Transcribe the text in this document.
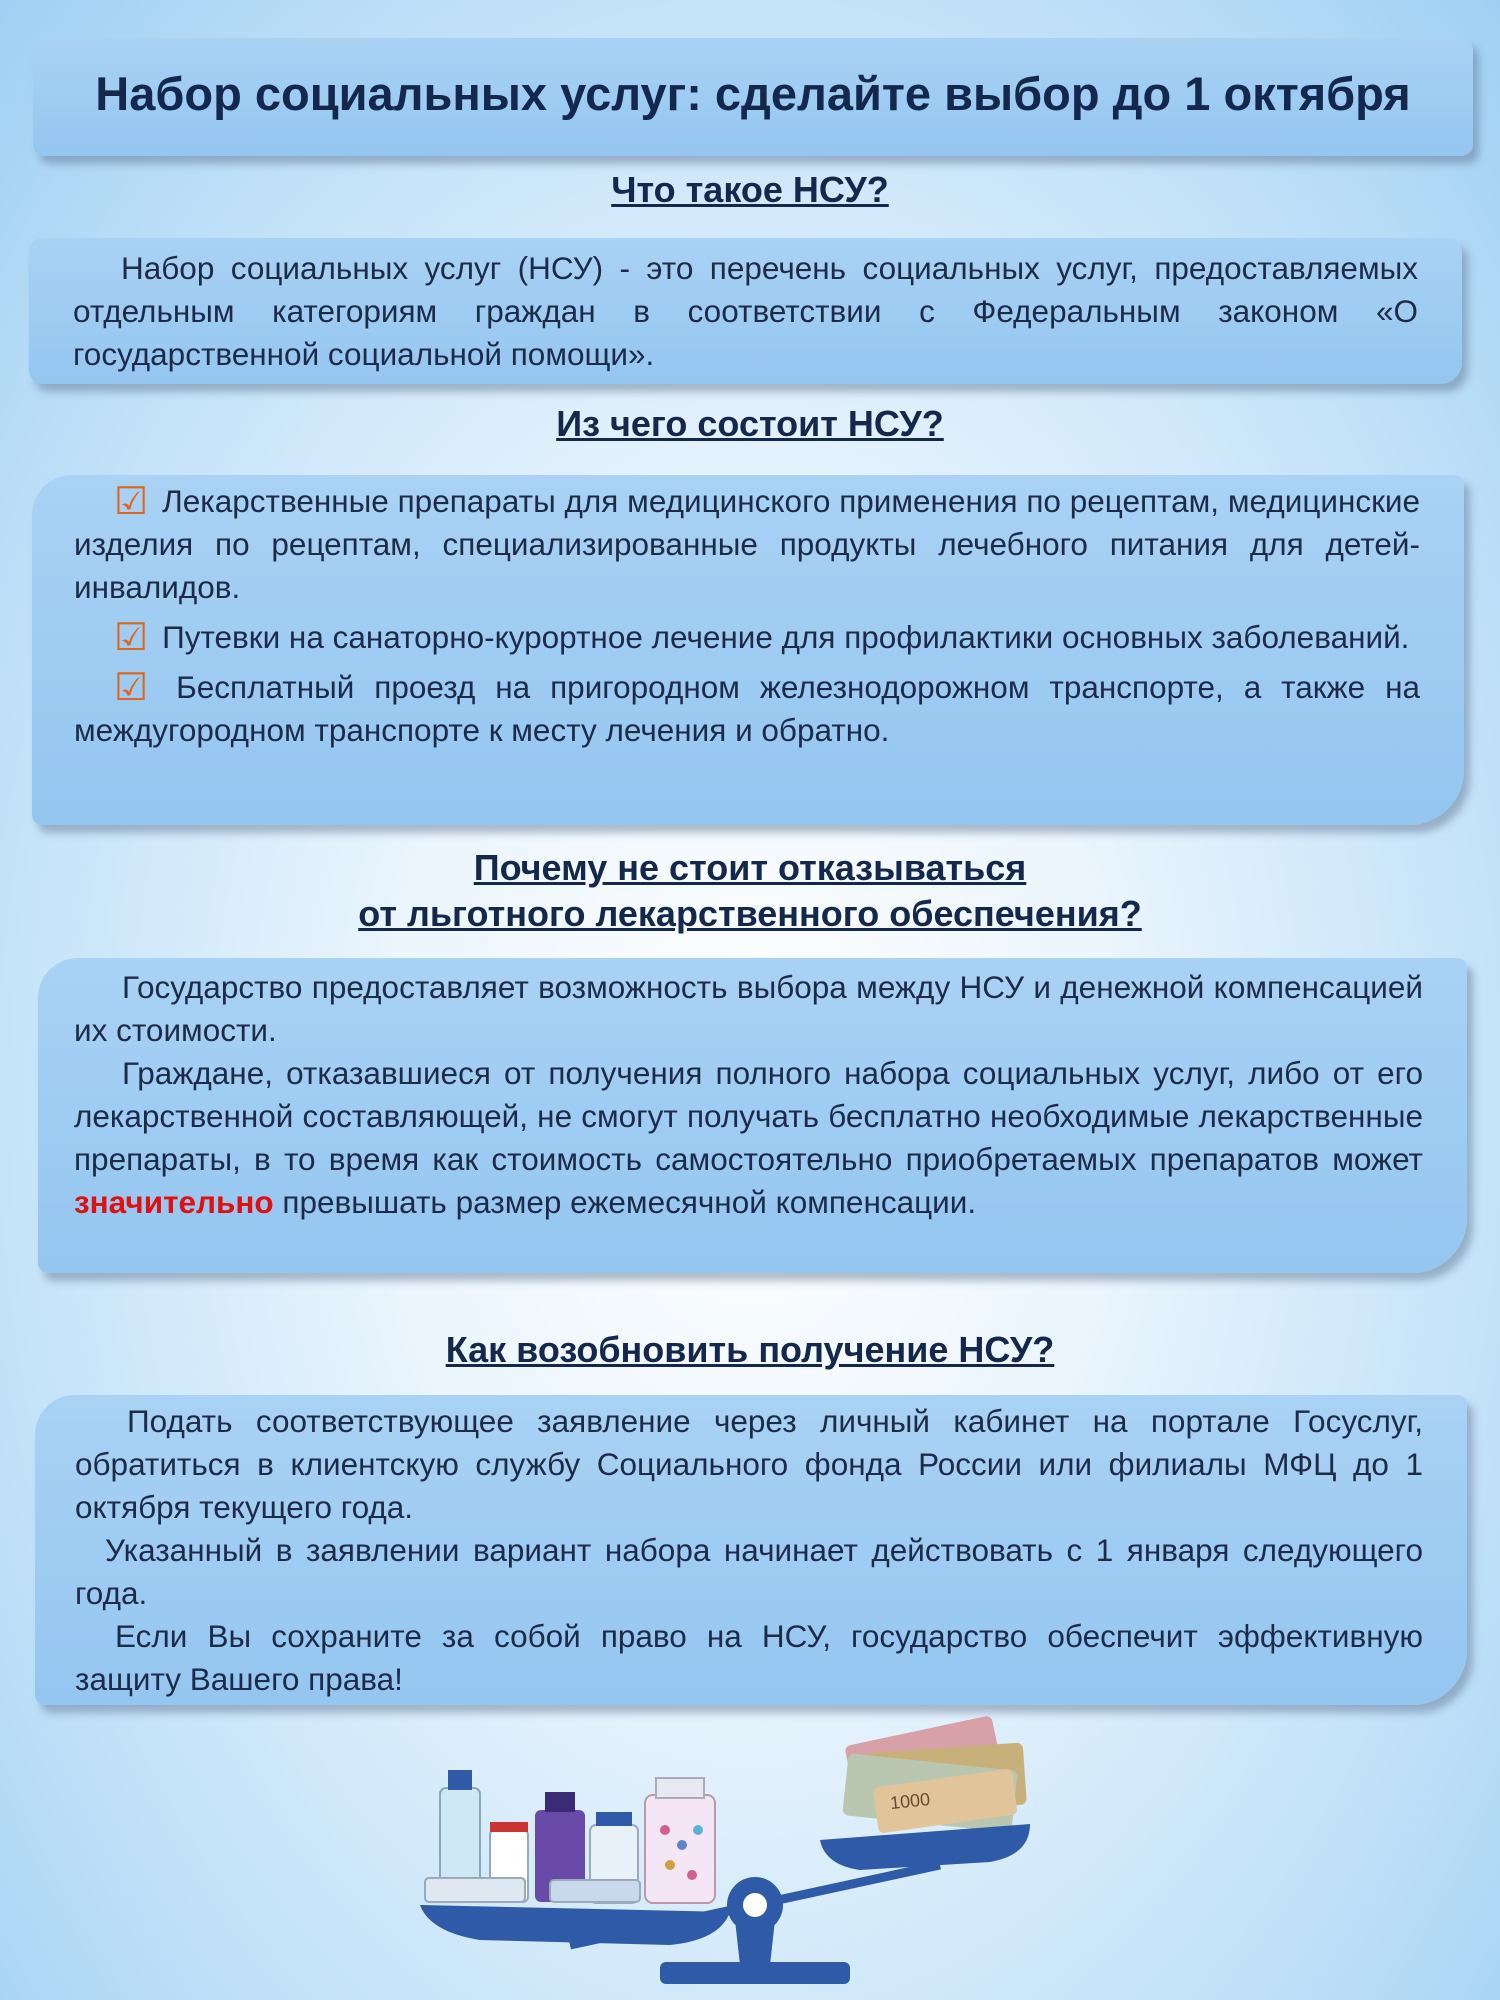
Набор социальных услуг: сделайте выбор до 1 октября
Что такое НСУ?

Набор социальных услуг (НСУ) - это перечень социальных услуг, предоставляемых отдельным категориям граждан в соответствии с Федеральным законом «О государственной социальной помощи».

Из чего состоит НСУ?

☑ Лекарственные препараты для медицинского применения по рецептам, медицинские изделия по рецептам, специализированные продукты лечебного питания для детей-инвалидов.

☑ Путевки на санаторно-курортное лечение для профилактики основных заболеваний.

☑ Бесплатный проезд на пригородном железнодорожном транспорте, а также на междугородном транспорте к месту лечения и обратно.

Почему не стоит отказываться
от льготного лекарственного обеспечения?

Государство предоставляет возможность выбора между НСУ и денежной компенсацией их стоимости.

Граждане, отказавшиеся от получения полного набора социальных услуг, либо от его лекарственной составляющей, не смогут получать бесплатно необходимые лекарственные препараты, в то время как стоимость самостоятельно приобретаемых препаратов может значительно превышать размер ежемесячной компенсации.

Как возобновить получение НСУ?

Подать соответствующее заявление через личный кабинет на портале Госуслуг, обратиться в клиентскую службу Социального фонда России или филиалы МФЦ до 1 октября текущего года.

Указанный в заявлении вариант набора начинает действовать с 1 января следующего года.

Если Вы сохраните за собой право на НСУ, государство обеспечит эффективную защиту Вашего права!

1000
